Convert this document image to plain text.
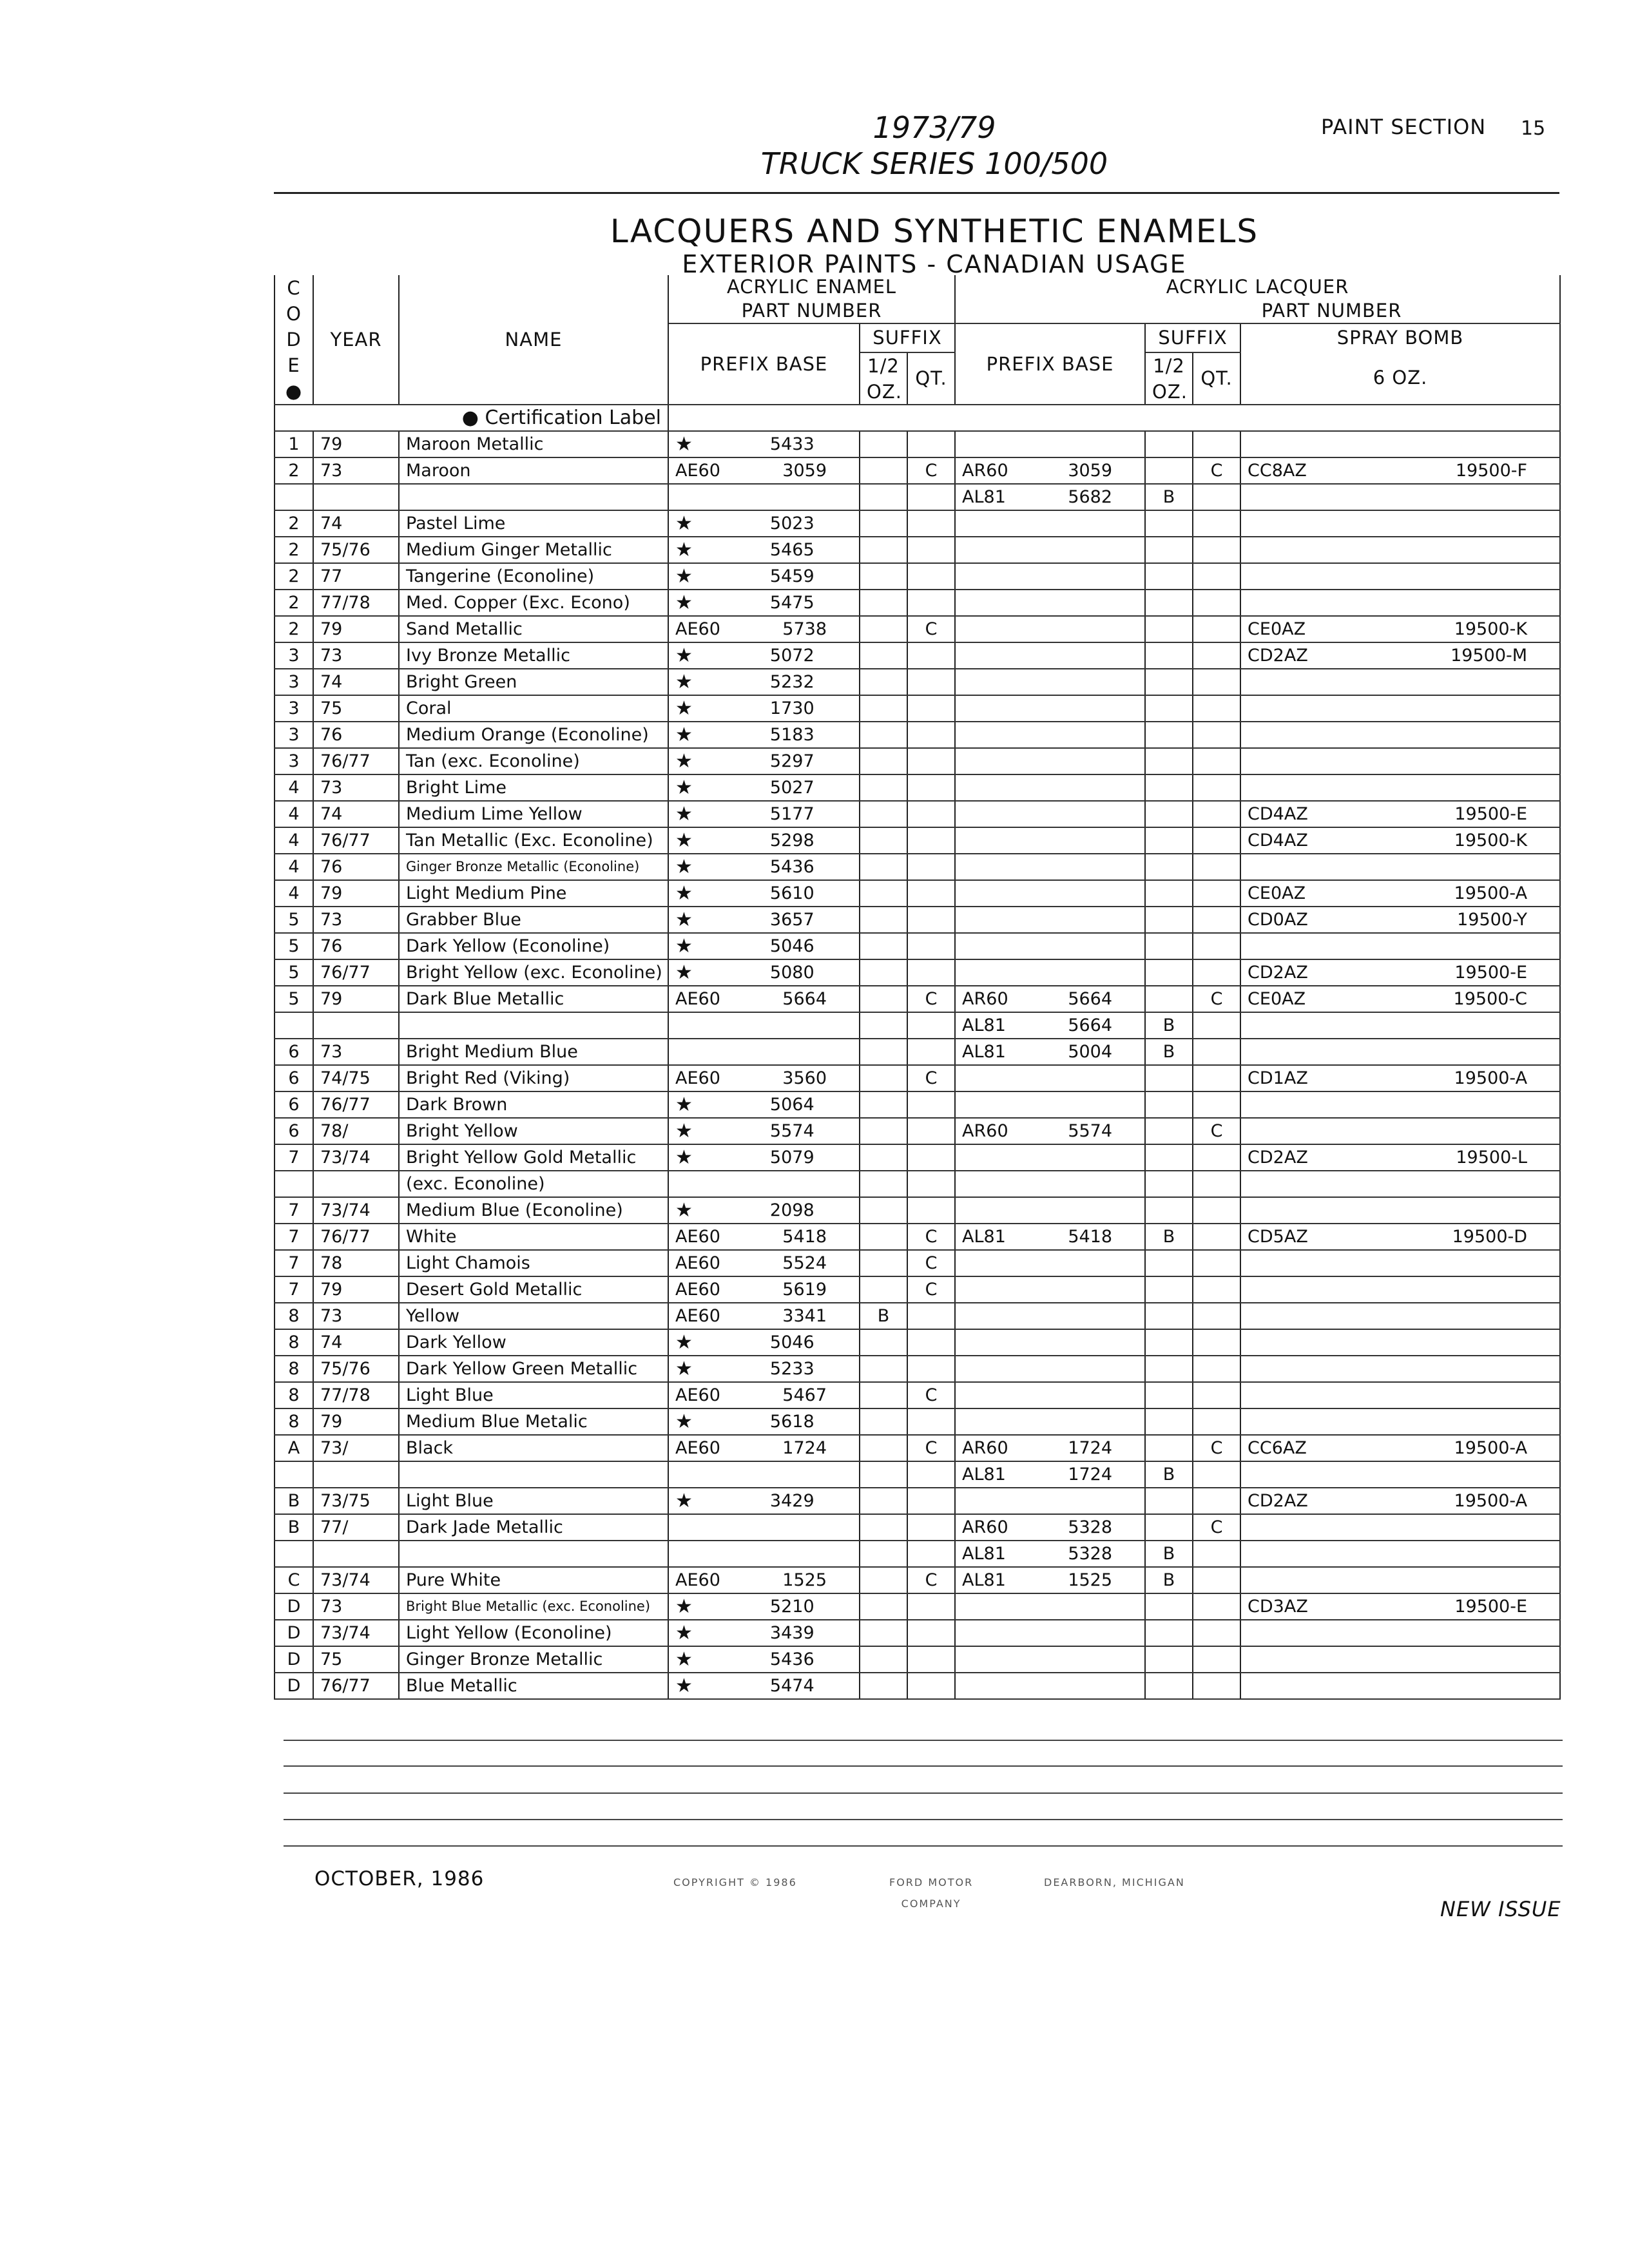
1973/79
TRUCK SERIES 100/500
PAINT SECTION 15
LACQUERS AND SYNTHETIC ENAMELS
EXTERIOR PAINTS - CANADIAN USAGE
C
O
D
E
●	YEAR	NAME	ACRYLIC ENAMEL			ACRYLIC LACQUER			
			PART NUMBER			PART NUMBER			
			PREFIX BASE	SUFFIX		PREFIX BASE	SUFFIX		SPRAY BOMB
				1/2	QT.		1/2	QT.	6 OZ.
				OZ.			OZ.		
● Certification Label									
1	79	Maroon Metallic	★ 5433						

2	73	Maroon	AE60 3059		C	AR60 3059		C	CC8AZ 19500-F

						AL81 5682	B		

2	74	Pastel Lime	★ 5023						

2	75/76	Medium Ginger Metallic	★ 5465						

2	77	Tangerine (Econoline)	★ 5459						

2	77/78	Med. Copper (Exc. Econo)	★ 5475						

2	79	Sand Metallic	AE60 5738		C				CE0AZ 19500-K

3	73	Ivy Bronze Metallic	★ 5072						CD2AZ 19500-M

3	74	Bright Green	★ 5232						

3	75	Coral	★ 1730						

3	76	Medium Orange (Econoline)	★ 5183						

3	76/77	Tan (exc. Econoline)	★ 5297						

4	73	Bright Lime	★ 5027						

4	74	Medium Lime Yellow	★ 5177						CD4AZ 19500-E

4	76/77	Tan Metallic (Exc. Econoline)	★ 5298						CD4AZ 19500-K

4	76	Ginger Bronze Metallic (Econoline)	★ 5436						

4	79	Light Medium Pine	★ 5610						CE0AZ 19500-A

5	73	Grabber Blue	★ 3657						CD0AZ 19500-Y

5	76	Dark Yellow (Econoline)	★ 5046						

5	76/77	Bright Yellow (exc. Econoline)	★ 5080						CD2AZ 19500-E

5	79	Dark Blue Metallic	AE60 5664		C	AR60 5664		C	CE0AZ 19500-C

						AL81 5664	B		

6	73	Bright Medium Blue				AL81 5004	B		

6	74/75	Bright Red (Viking)	AE60 3560		C				CD1AZ 19500-A

6	76/77	Dark Brown	★ 5064						

6	78/	Bright Yellow	★ 5574			AR60 5574		C	

7	73/74	Bright Yellow Gold Metallic	★ 5079						CD2AZ 19500-L

		(exc. Econoline)	

7	73/74	Medium Blue (Econoline)	★ 2098						

7	76/77	White	AE60 5418		C	AL81 5418	B		CD5AZ 19500-D

7	78	Light Chamois	AE60 5524		C	

7	79	Desert Gold Metallic	AE60 5619		C	

8	73	Yellow	AE60 3341	B		

8	74	Dark Yellow	★ 5046						

8	75/76	Dark Yellow Green Metallic	★ 5233						

8	77/78	Light Blue	AE60 5467		C	

8	79	Medium Blue Metalic	★ 5618						

A	73/	Black	AE60 1724		C	AR60 1724		C	CC6AZ 19500-A

						AL81 1724	B		

B	73/75	Light Blue	★ 3429						CD2AZ 19500-A

B	77/	Dark Jade Metallic				AR60 5328		C	

						AL81 5328	B		

C	73/74	Pure White	AE60 1525		C	AL81 1525	B		

D	73	Bright Blue Metallic (exc. Econoline)	★ 5210						CD3AZ 19500-E

D	73/74	Light Yellow (Econoline)	★ 3439						

D	75	Ginger Bronze Metallic	★ 5436						

D	76/77	Blue Metallic	★ 5474						

OCTOBER, 1986	COPYRIGHT © 1986	FORD MOTOR
COMPANY
DEARBORN, MICHIGAN
NEW ISSUE
